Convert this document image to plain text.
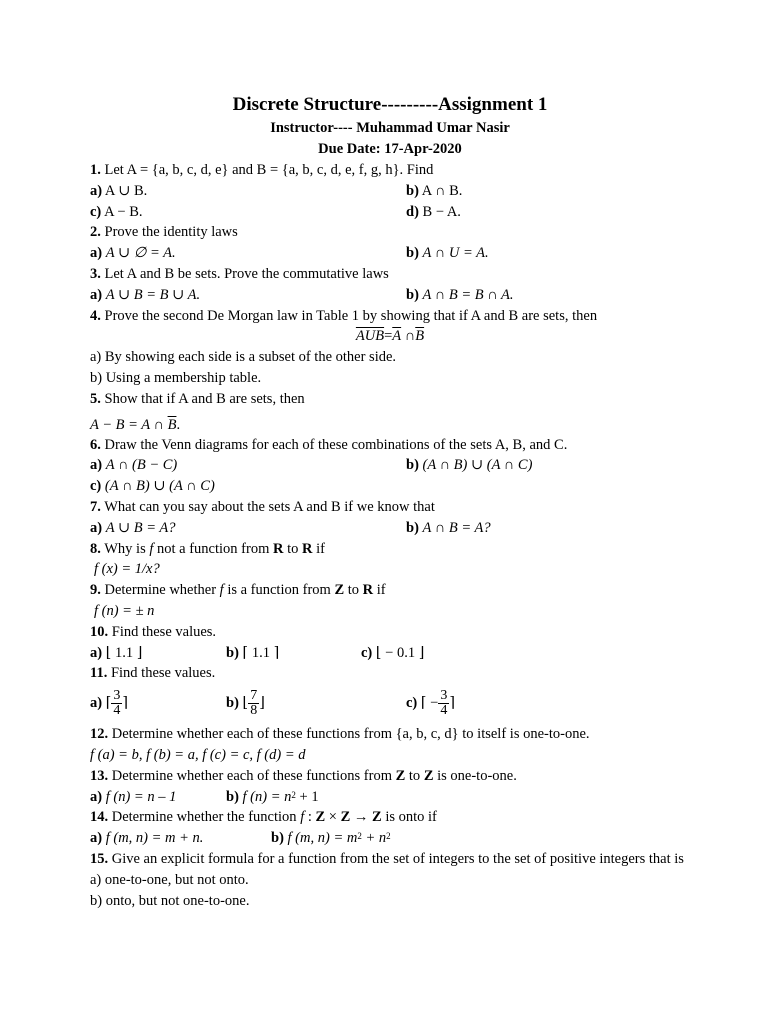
Discrete Structure---------Assignment 1
Instructor---- Muhammad Umar Nasir
Due Date: 17-Apr-2020
1. Let A = {a, b, c, d, e} and B = {a, b, c, d, e, f, g, h}. Find
a) A ∪ B.	b) A ∩ B.
c) A − B.	d) B − A.
2. Prove the identity laws
a) A ∪ ∅ = A.	b) A ∩ U = A.
3. Let A and B be sets. Prove the commutative laws
a) A ∪ B = B ∪ A.	b) A ∩ B = B ∩ A.
4. Prove the second De Morgan law in Table 1 by showing that if A and B are sets, then
$\overline{AUB}=\overline{A}$ $\cap\overline{B}$
a) By showing each side is a subset of the other side.
b) Using a membership table.
5. Show that if A and B are sets, then
A − B = A ∩ $\overline{B}$.
6. Draw the Venn diagrams for each of these combinations of the sets A, B, and C.
a) A ∩ (B − C)	b) (A ∩ B) ∪ (A ∩ C)
c) (A ∩ B) ∪ (A ∩ C)
7. What can you say about the sets A and B if we know that
a) A ∪ B = A?	b) A ∩ B = A?
8. Why is f not a function from R to R if
f (x) = 1/x?
9. Determine whether f is a function from Z to R if
f (n) = ± n
10. Find these values.
a) ⌊ 1.1 ⌋	b) ⌈ 1.1 ⌉	c) ⌊ − 0.1 ⌋
11. Find these values.
a) ⌈ $\frac{3}{4}$ ⌉	b) ⌊ $\frac{7}{8}$ ⌋	c) ⌈ − $\frac{3}{4}$ ⌉
12. Determine whether each of these functions from {a, b, c, d} to itself is one-to-one.
f (a) = b, f (b) = a, f (c) = c, f (d) = d
13. Determine whether each of these functions from Z to Z is one-to-one.
a) f (n) = n – 1	b) f $(n) = n^2 + 1$
14. Determine whether the function f : Z × Z → Z is onto if
a) f (m, n) = m + n.	b) f (m, $n) = m^2 + n^2$
15. Give an explicit formula for a function from the set of integers to the set of positive integers that is
a) one-to-one, but not onto.
b) onto, but not one-to-one.
